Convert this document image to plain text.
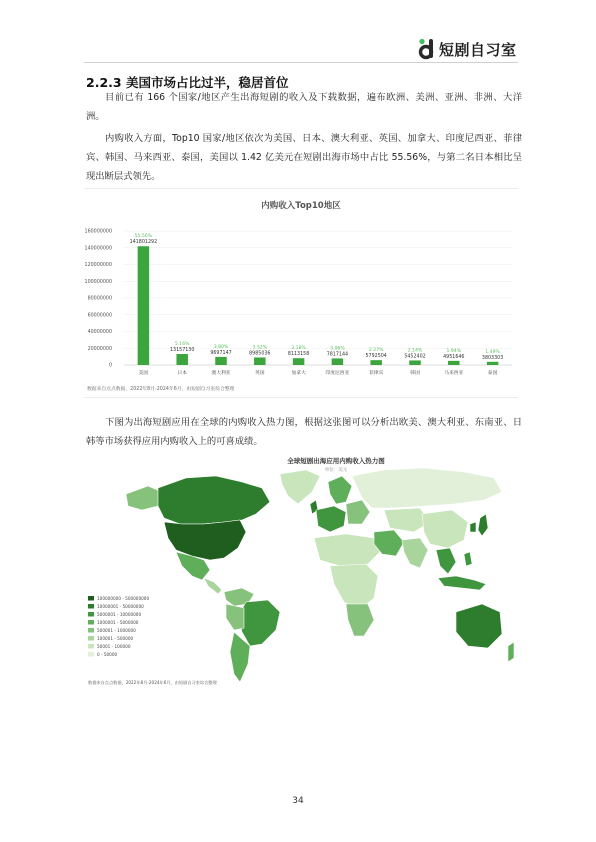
短剧自习室
2.2.3 美国市场占比过半，稳居首位

目前已有 166 个国家/地区产生出海短剧的收入及下载数据，遍布欧洲、美洲、亚洲、非洲、大洋洲。

内购收入方面，Top10 国家/地区依次为美国、日本、澳大利亚、英国、加拿大、印度尼西亚、菲律宾、韩国、马来西亚、泰国，美国以 1.42 亿美元在短剧出海市场中占比 55.56%，与第二名日本相比呈现出断层式领先。

内购收入Top10地区
160000000
140000000
120000000
100000000
80000000
60000000
40000000
20000000
0
55.56%
141801292
美国
5.16%
13157130
日本
3.80%
9697147
澳大利亚
3.52%
8985036
英国
3.18%
8113158
加拿大
3.06%
7817144
印度尼西亚
2.27%
5792504
菲律宾
2.14%
5452402
韩国
1.94%
4951646
马来西亚
1.49%
3803303
泰国
数据来自点点数据，2022年8月-2024年6月，由短剧自习室综合整理

下图为出海短剧应用在全球的内购收入热力图，根据这张图可以分析出欧美、澳大利亚、东南亚、日韩等市场获得应用内购收入上的可喜成绩。

全球短剧出海应用内购收入热力图
单位：美元
100000000 - 500000000
10000001 - 50000000
5000001 - 10000000
1000001 - 5000000
500001 - 1000000
100001 - 500000
50001 - 100000
0 - 50000
数据来自点点数据，2022年8月-2024年6月，由短剧自习室综合整理
34
